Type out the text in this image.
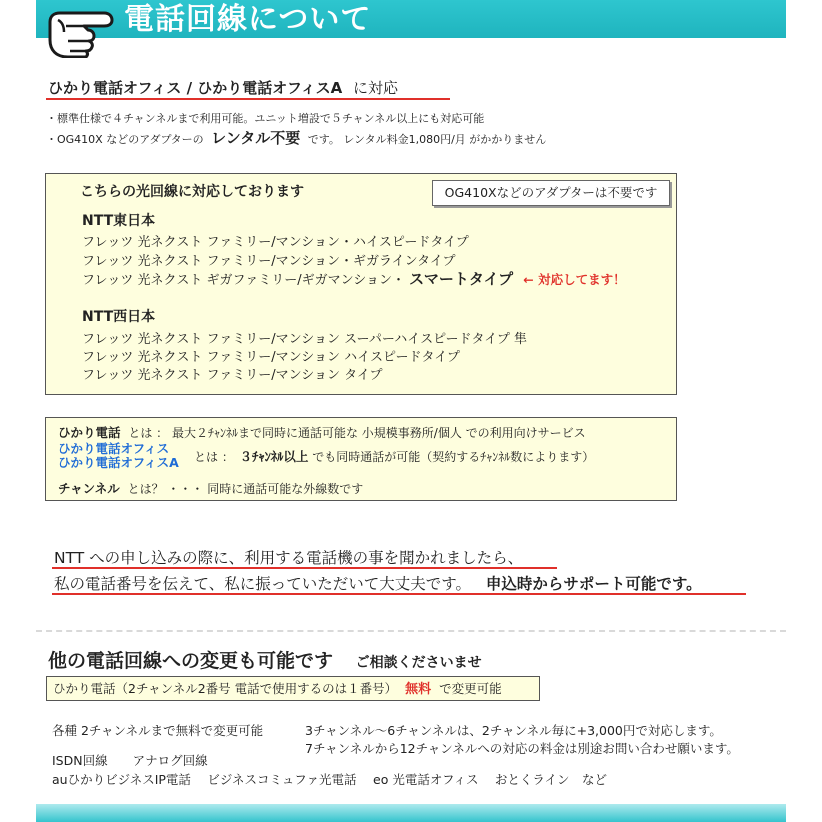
電話回線について
ひかり電話オフィス / ひかり電話オフィスA に対応
・標準仕様で４チャンネルまで利用可能。ユニット増設で５チャンネル以上にも対応可能
・OG410X などのアダプターの レンタル不要 です。 レンタル料金1,080円/月 がかかりません
こちらの光回線に対応しております	OG410Xなどのアダプターは不要です
NTT東日本
フレッツ 光ネクスト ファミリー/マンション・ハイスピードタイプ
フレッツ 光ネクスト ファミリー/マンション・ギガラインタイプ
フレッツ 光ネクスト ギガファミリー/ギガマンション・ スマートタイプ ← 対応してます！
NTT西日本
フレッツ 光ネクスト ファミリー/マンション スーパーハイスピードタイプ 隼
フレッツ 光ネクスト ファミリー/マンション ハイスピードタイプ
フレッツ 光ネクスト ファミリー/マンション タイプ
ひかり電話 とは ： 最大２ﾁｬﾝﾈﾙまで同時に通話可能な 小規模事務所/個人 での利用向けサービス
ひかり電話オフィス
ひかり電話オフィスA とは ： ３ﾁｬﾝﾈﾙ以上 でも同時通話が可能（契約するﾁｬﾝﾈﾙ数によります）
チャンネル とは？ ・・・ 同時に通話可能な外線数です
NTT への申し込みの際に、利用する電話機の事を聞かれましたら、
私の電話番号を伝えて、私に振っていただいて大丈夫です。 申込時からサポート可能です。
他の電話回線への変更も可能です ご相談くださいませ
ひかり電話（2チャンネル2番号 電話で使用するのは１番号） 無料 で変更可能
各種 2チャンネルまで無料で変更可能	3チャンネル～6チャンネルは、2チャンネル毎に+3,000円で対応します。
7チャンネルから12チャンネルへの対応の料金は別途お問い合わせ願います。
ISDN回線　　アナログ回線
auひかりビジネスIP電話　 ビジネスコミュファ光電話　 eo 光電話オフィス　 おとくライン　など
